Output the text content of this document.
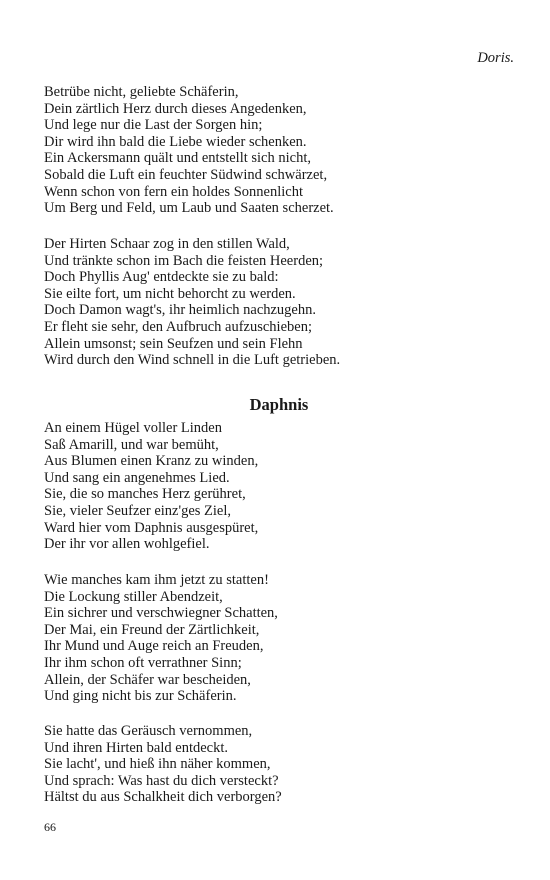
Doris.
Betrübe nicht, geliebte Schäferin,
Dein zärtlich Herz durch dieses Angedenken,
Und lege nur die Last der Sorgen hin;
Dir wird ihn bald die Liebe wieder schenken.
Ein Ackersmann quält und entstellt sich nicht,
Sobald die Luft ein feuchter Südwind schwärzet,
Wenn schon von fern ein holdes Sonnenlicht
Um Berg und Feld, um Laub und Saaten scherzet.
Der Hirten Schaar zog in den stillen Wald,
Und tränkte schon im Bach die feisten Heerden;
Doch Phyllis Aug' entdeckte sie zu bald:
Sie eilte fort, um nicht behorcht zu werden.
Doch Damon wagt's, ihr heimlich nachzugehn.
Er fleht sie sehr, den Aufbruch aufzuschieben;
Allein umsonst; sein Seufzen und sein Flehn
Wird durch den Wind schnell in die Luft getrieben.
Daphnis
An einem Hügel voller Linden
Saß Amarill, und war bemüht,
Aus Blumen einen Kranz zu winden,
Und sang ein angenehmes Lied.
Sie, die so manches Herz gerühret,
Sie, vieler Seufzer einz'ges Ziel,
Ward hier vom Daphnis ausgespüret,
Der ihr vor allen wohlgefiel.
Wie manches kam ihm jetzt zu statten!
Die Lockung stiller Abendzeit,
Ein sichrer und verschwiegner Schatten,
Der Mai, ein Freund der Zärtlichkeit,
Ihr Mund und Auge reich an Freuden,
Ihr ihm schon oft verrathner Sinn;
Allein, der Schäfer war bescheiden,
Und ging nicht bis zur Schäferin.
Sie hatte das Geräusch vernommen,
Und ihren Hirten bald entdeckt.
Sie lacht', und hieß ihn näher kommen,
Und sprach: Was hast du dich versteckt?
Hältst du aus Schalkheit dich verborgen?
66
